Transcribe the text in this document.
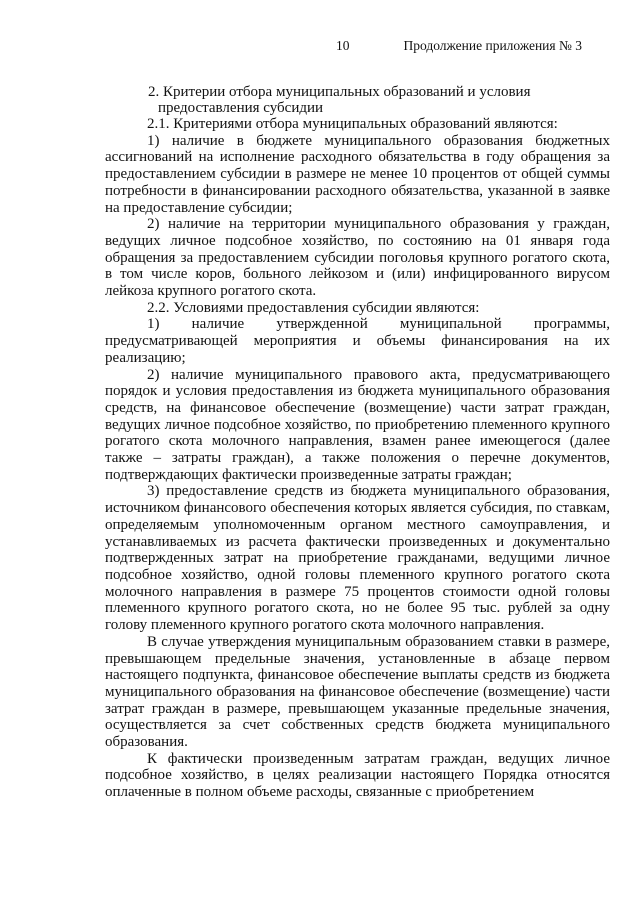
10	Продолжение приложения № 3
2. Критерии отбора муниципальных образований и условия
предоставления субсидии

2.1. Критериями отбора муниципальных образований являются:

1) наличие в бюджете муниципального образования бюджетных ассигнований на исполнение расходного обязательства в году обращения за предоставлением субсидии в размере не менее 10 процентов от общей суммы потребности в финансировании расходного обязательства, указанной в заявке на предоставление субсидии;

2) наличие на территории муниципального образования у граждан, ведущих личное подсобное хозяйство, по состоянию на 01 января года обращения за предоставлением субсидии поголовья крупного рогатого скота, в том числе коров, больного лейкозом и (или) инфицированного вирусом лейкоза крупного рогатого скота.

2.2. Условиями предоставления субсидии являются:

1) наличие утвержденной муниципальной программы, предусматривающей мероприятия и объемы финансирования на их реализацию;

2) наличие муниципального правового акта, предусматривающего порядок и условия предоставления из бюджета муниципального образования средств, на финансовое обеспечение (возмещение) части затрат граждан, ведущих личное подсобное хозяйство, по приобретению племенного крупного рогатого скота молочного направления, взамен ранее имеющегося (далее также – затраты граждан), а также положения о перечне документов, подтверждающих фактически произведенные затраты граждан;

3) предоставление средств из бюджета муниципального образования, источником финансового обеспечения которых является субсидия, по ставкам, определяемым уполномоченным органом местного самоуправления, и устанавливаемых из расчета фактически произведенных и документально подтвержденных затрат на приобретение гражданами, ведущими личное подсобное хозяйство, одной головы племенного крупного рогатого скота молочного направления в размере 75 процентов стоимости одной головы племенного крупного рогатого скота, но не более 95 тыс. рублей за одну голову племенного крупного рогатого скота молочного направления.

В случае утверждения муниципальным образованием ставки в размере, превышающем предельные значения, установленные в абзаце первом настоящего подпункта, финансовое обеспечение выплаты средств из бюджета муниципального образования на финансовое обеспечение (возмещение) части затрат граждан в размере, превышающем указанные предельные значения, осуществляется за счет собственных средств бюджета муниципального образования.

К фактически произведенным затратам граждан, ведущих личное подсобное хозяйство, в целях реализации настоящего Порядка относятся оплаченные в полном объеме расходы, связанные с приобретением
